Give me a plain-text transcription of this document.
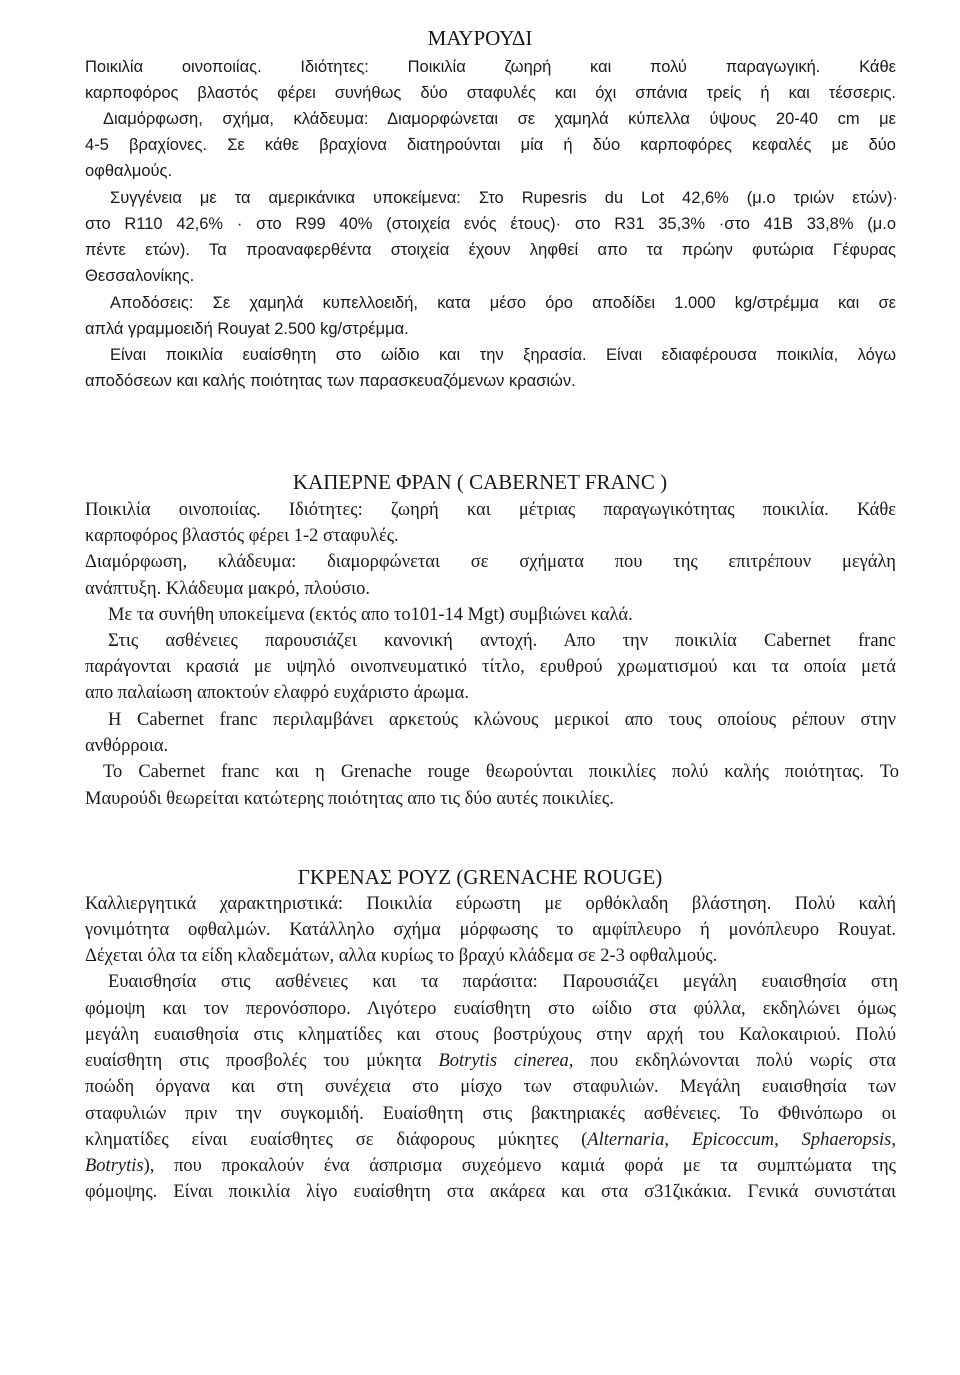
ΜΑΥΡΟΥΔΙ
Ποικιλία οινοποιίας. Ιδιότητες: Ποικιλία ζωηρή και πολύ παραγωγική. Κάθε
καρποφόρος βλαστός φέρει συνήθως δύο σταφυλές και όχι σπάνια τρείς ή και τέσσερις.
Διαμόρφωση, σχήμα, κλάδευμα: Διαμορφώνεται σε χαμηλά κύπελλα ύψους 20-40 cm με
4-5 βραχίονες. Σε κάθε βραχίονα διατηρούνται μία ή δύο καρποφόρες κεφαλές με δύο
οφθαλμούς.
Συγγένεια με τα αμερικάνικα υποκείμενα: Στο Rupesris du Lot 42,6% (μ.ο τριών ετών)·
στο R110 42,6% · στο R99 40% (στοιχεία ενός έτους)· στο R31 35,3% ·στο 41B 33,8% (μ.ο
πέντε ετών). Τα προαναφερθέντα στοιχεία έχουν ληφθεί απο τα πρώην φυτώρια Γέφυρας
Θεσσαλονίκης.
Αποδόσεις: Σε χαμηλά κυπελλοειδή, κατα μέσο όρο αποδίδει 1.000 kg/στρέμμα και σε
απλά γραμμοειδή Rouyat 2.500 kg/στρέμμα.
Είναι ποικιλία ευαίσθητη στο ωίδιο και την ξηρασία. Είναι εδιαφέρουσα ποικιλία, λόγω
αποδόσεων και καλής ποιότητας των παρασκευαζόμενων κρασιών.
ΚΑΠΕΡΝΕ ΦΡΑΝ ( CABERNET FRANC )
Ποικιλία οινοποιίας. Ιδιότητες: ζωηρή και μέτριας παραγωγικότητας ποικιλία. Κάθε
καρποφόρος βλαστός φέρει 1-2 σταφυλές.
Διαμόρφωση, κλάδευμα: διαμορφώνεται σε σχήματα που της επιτρέπουν μεγάλη
ανάπτυξη. Κλάδευμα μακρό, πλούσιο.
Με τα συνήθη υποκείμενα (εκτός απο το101-14 Mgt) συμβιώνει καλά.
Στις ασθένειες παρουσιάζει κανονική αντοχή. Απο την ποικιλία Cabernet franc
παράγονται κρασιά με υψηλό οινοπνευματικό τίτλο, ερυθρού χρωματισμού και τα οποία μετά
απο παλαίωση αποκτούν ελαφρό ευχάριστο άρωμα.
Η Cabernet franc περιλαμβάνει αρκετούς κλώνους μερικοί απο τους οποίους ρέπουν στην
ανθόρροια.
Το Cabernet franc και η Grenache rouge θεωρούνται ποικιλίες πολύ καλής ποιότητας. Το
Μαυρούδι θεωρείται κατώτερης ποιότητας απο τις δύο αυτές ποικιλίες.
ΓΚΡΕΝΑΣ ΡΟΥΖ (GRENACHE ROUGE)
Καλλιεργητικά χαρακτηριστικά: Ποικιλία εύρωστη με ορθόκλαδη βλάστηση. Πολύ καλή
γονιμότητα οφθαλμών. Κατάλληλο σχήμα μόρφωσης το αμφίπλευρο ή μονόπλευρο Rouyat.
Δέχεται όλα τα είδη κλαδεμάτων, αλλα κυρίως το βραχύ κλάδεμα σε 2-3 οφθαλμούς.
Ευαισθησία στις ασθένειες και τα παράσιτα: Παρουσιάζει μεγάλη ευαισθησία στη
φόμοψη και τον περονόσπορο. Λιγότερο ευαίσθητη στο ωίδιο στα φύλλα, εκδηλώνει όμως
μεγάλη ευαισθησία στις κληματίδες και στους βοστρύχους στην αρχή του Καλοκαιριού. Πολύ
ευαίσθητη στις προσβολές του μύκητα Botrytis cinerea, που εκδηλώνονται πολύ νωρίς στα
ποώδη όργανα και στη συνέχεια στο μίσχο των σταφυλιών. Μεγάλη ευαισθησία των
σταφυλιών πριν την συγκομιδή. Ευαίσθητη στις βακτηριακές ασθένειες. Το Φθινόπωρο οι
κληματίδες είναι ευαίσθητες σε διάφορους μύκητες (Alternaria, Epicoccum, Sphaeropsis,
Botrytis), που προκαλούν ένα άσπρισμα συχεόμενο καμιά φορά με τα συμπτώματα της
φόμοψης. Είναι ποικιλία λίγο ευαίσθητη στα ακάρεα και στα σ31ζικάκια. Γενικά συνιστάται
